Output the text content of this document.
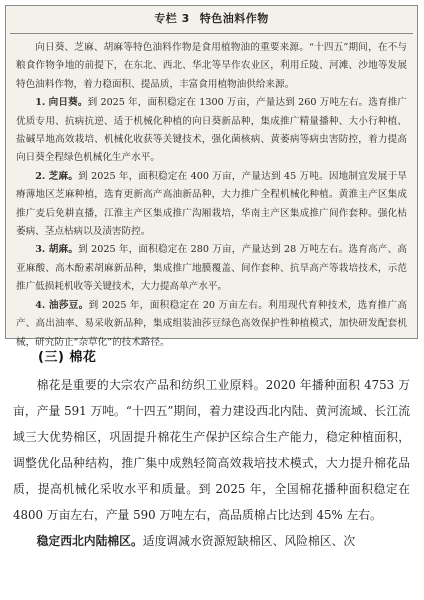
专栏 3 特色油料作物

向日葵、芝麻、胡麻等特色油料作物是食用植物油的重要来源。“十四五”期间，在不与粮食作物争地的前提下，在东北、西北、华北等旱作农业区，利用丘陵、河滩、沙地等发展特色油料作物，着力稳面积、提品质，丰富食用植物油供给来源。

1. 向日葵。到 2025 年，面积稳定在 1300 万亩，产量达到 260 万吨左右。选育推广优质专用、抗病抗逆、适于机械化种植的向日葵新品种，集成推广精量播种、大小行种植、盐碱旱地高效栽培、机械化收获等关键技术，强化菌核病、黄萎病等病虫害防控，着力提高向日葵全程绿色机械化生产水平。

2. 芝麻。到 2025 年，面积稳定在 400 万亩，产量达到 45 万吨。因地制宜发展于旱瘠薄地区芝麻种植，选育更新高产高油新品种，大力推广全程机械化种植。黄淮主产区集成推广麦后免耕直播，江淮主产区集成推广沟厢栽培，华南主产区集成推广间作套种。强化枯萎病、茎点枯病以及渍害防控。

3. 胡麻。到 2025 年，面积稳定在 280 万亩，产量达到 28 万吨左右。选育高产、高亚麻酸、高木酚素胡麻新品种，集成推广地膜覆盖、间作套种、抗旱高产等栽培技术，示范推广低损耗机收等关键技术，大力提高单产水平。

4. 油莎豆。到 2025 年，面积稳定在 20 万亩左右。利用现代育种技术，选育推广高产、高出油率、易采收新品种，集成组装油莎豆绿色高效保护性种植模式，加快研发配套机械，研究防止“杂草化”的技术路径。

(三) 棉花

棉花是重要的大宗农产品和纺织工业原料。2020 年播种面积 4753 万亩，产量 591 万吨。“十四五”期间，着力建设西北内陆、黄河流域、长江流域三大优势棉区，巩固提升棉花生产保护区综合生产能力，稳定种植面积，调整优化品种结构，推广集中成熟轻简高效栽培技术模式，大力提升棉花品质，提高机械化采收水平和质量。到 2025 年，全国棉花播种面积稳定在 4800 万亩左右，产量 590 万吨左右，高品质棉占比达到 45% 左右。

稳定西北内陆棉区。适度调减水资源短缺棉区、风险棉区、次
